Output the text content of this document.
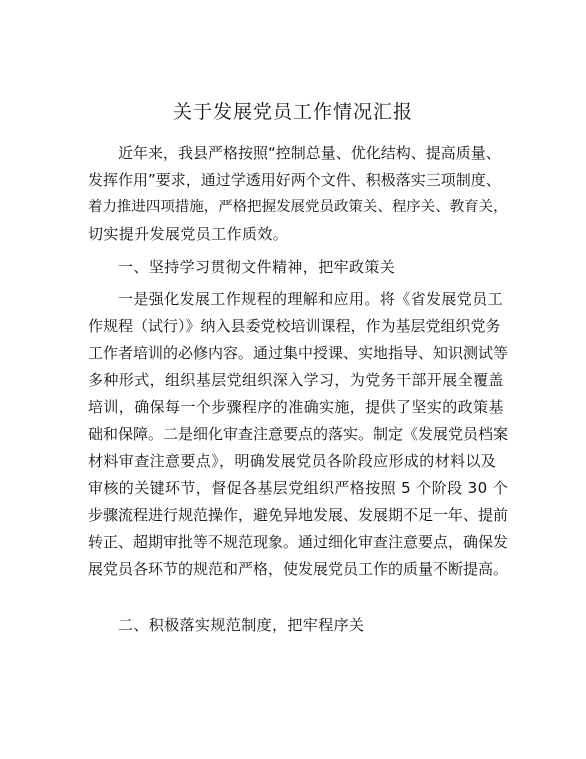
关于发展党员工作情况汇报
近年来，我县严格按照“控制总量、优化结构、提高质量、
发挥作用”要求，通过学透用好两个文件、积极落实三项制度、
着力推进四项措施，严格把握发展党员政策关、程序关、教育关，
切实提升发展党员工作质效。
一、坚持学习贯彻文件精神，把牢政策关
一是强化发展工作规程的理解和应用。将《省发展党员工
作规程（试行）》纳入县委党校培训课程，作为基层党组织党务
工作者培训的必修内容。通过集中授课、实地指导、知识测试等
多种形式，组织基层党组织深入学习，为党务干部开展全覆盖
培训，确保每一个步骤程序的准确实施，提供了坚实的政策基
础和保障。二是细化审查注意要点的落实。制定《发展党员档案
材料审查注意要点》，明确发展党员各阶段应形成的材料以及
审核的关键环节，督促各基层党组织严格按照 5 个阶段 30 个
步骤流程进行规范操作，避免异地发展、发展期不足一年、提前
转正、超期审批等不规范现象。通过细化审查注意要点，确保发
展党员各环节的规范和严格，使发展党员工作的质量不断提高。
二、积极落实规范制度，把牢程序关
